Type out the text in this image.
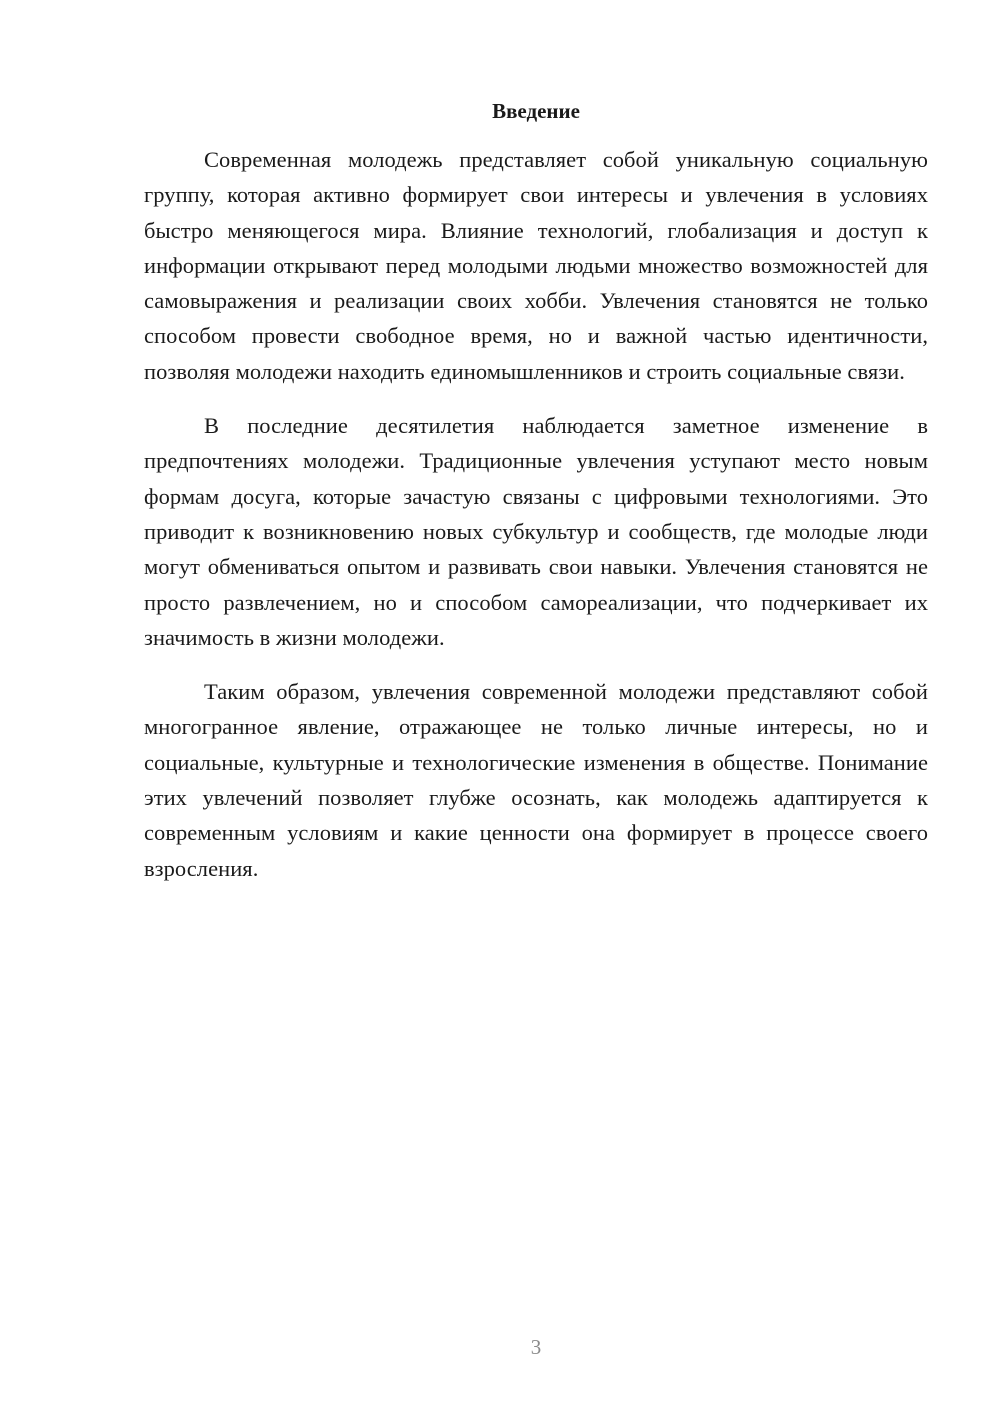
Введение

Современная молодежь представляет собой уникальную социальную группу, которая активно формирует свои интересы и увлечения в условиях быстро меняющегося мира. Влияние технологий, глобализация и доступ к информации открывают перед молодыми людьми множество возможностей для самовыражения и реализации своих хобби. Увлечения становятся не только способом провести свободное время, но и важной частью идентичности, позволяя молодежи находить единомышленников и строить социальные связи.

В последние десятилетия наблюдается заметное изменение в предпочтениях молодежи. Традиционные увлечения уступают место новым формам досуга, которые зачастую связаны с цифровыми технологиями. Это приводит к возникновению новых субкультур и сообществ, где молодые люди могут обмениваться опытом и развивать свои навыки. Увлечения становятся не просто развлечением, но и способом самореализации, что подчеркивает их значимость в жизни молодежи.

Таким образом, увлечения современной молодежи представляют собой многогранное явление, отражающее не только личные интересы, но и социальные, культурные и технологические изменения в обществе. Понимание этих увлечений позволяет глубже осознать, как молодежь адаптируется к современным условиям и какие ценности она формирует в процессе своего взросления.

3
